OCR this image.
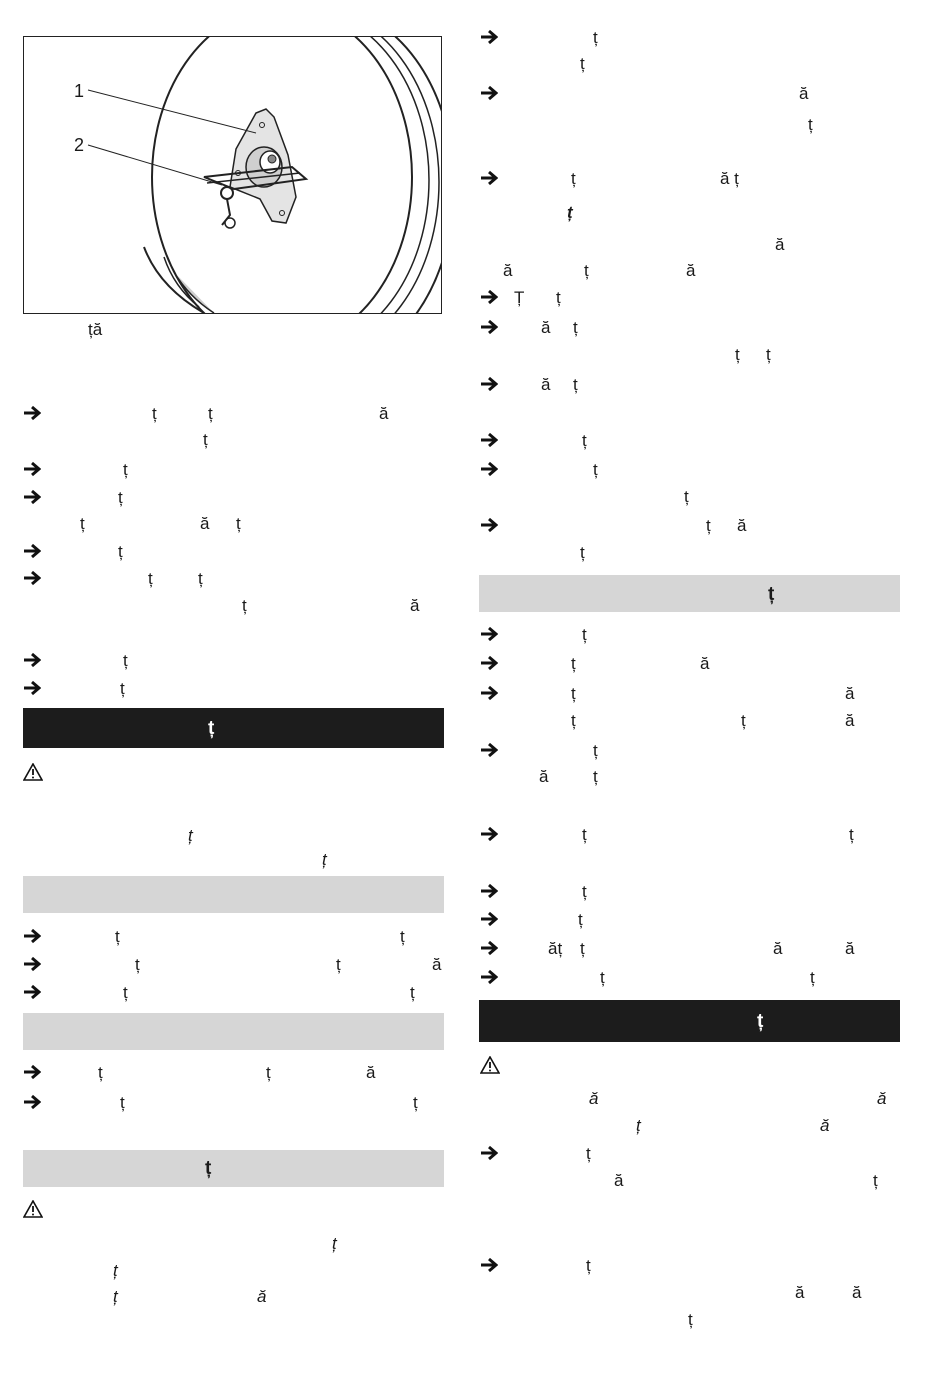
1
2
ță
ț	ț	ă
ț
ț
ț
ț	ă ț
ț
ț	ț
ț	ă
ț
ț
ț
ț
ț
ț	ț
ț	ț	ă
ț	ț
ț	ț	ă
ț	ț
ț
ț
ț
ț	ă
ț
ț
ă
ț
ț	ă ț
ț
ă
ă	ț	ă
Ț ț
ă ț
ț ț
ă ț
ț
ț
ț
ț ă
ț
ț
ț
ț	ă
ț	ă
ț	ț	ă
ț
ă	ț
ț	ț
ț
ț
ăț ț	ă	ă
ț	ț
ț
ă	ă
ț	ă
ț
ă	ț
ț
ă	ă
ț
